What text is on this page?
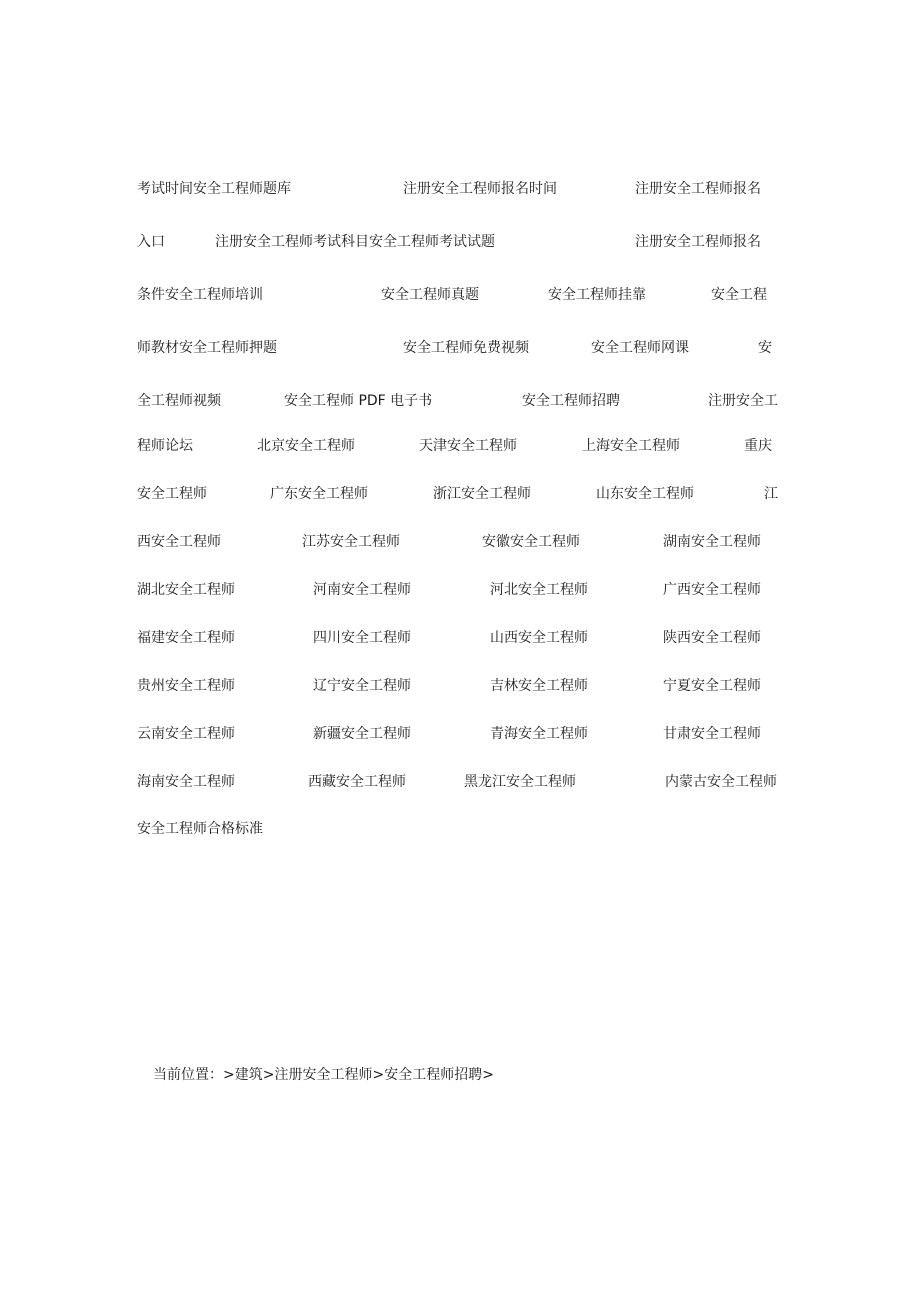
考试时间安全工程师题库	注册安全工程师报名时间	注册安全工程师报名
入口	注册安全工程师考试科目安全工程师考试试题	注册安全工程师报名
条件安全工程师培训	安全工程师真题	安全工程师挂靠	安全工程
师教材安全工程师押题	安全工程师免费视频	安全工程师网课	安
全工程师视频	安全工程师 PDF 电子书	安全工程师招聘	注册安全工
程师论坛	北京安全工程师	天津安全工程师	上海安全工程师	重庆
安全工程师	广东安全工程师	浙江安全工程师	山东安全工程师	江
西安全工程师	江苏安全工程师	安徽安全工程师	湖南安全工程师
湖北安全工程师	河南安全工程师	河北安全工程师	广西安全工程师
福建安全工程师	四川安全工程师	山西安全工程师	陕西安全工程师
贵州安全工程师	辽宁安全工程师	吉林安全工程师	宁夏安全工程师
云南安全工程师	新疆安全工程师	青海安全工程师	甘肃安全工程师
海南安全工程师	西藏安全工程师	黑龙江安全工程师	内蒙古安全工程师
安全工程师合格标准
当前位置：>建筑>注册安全工程师>安全工程师招聘>
